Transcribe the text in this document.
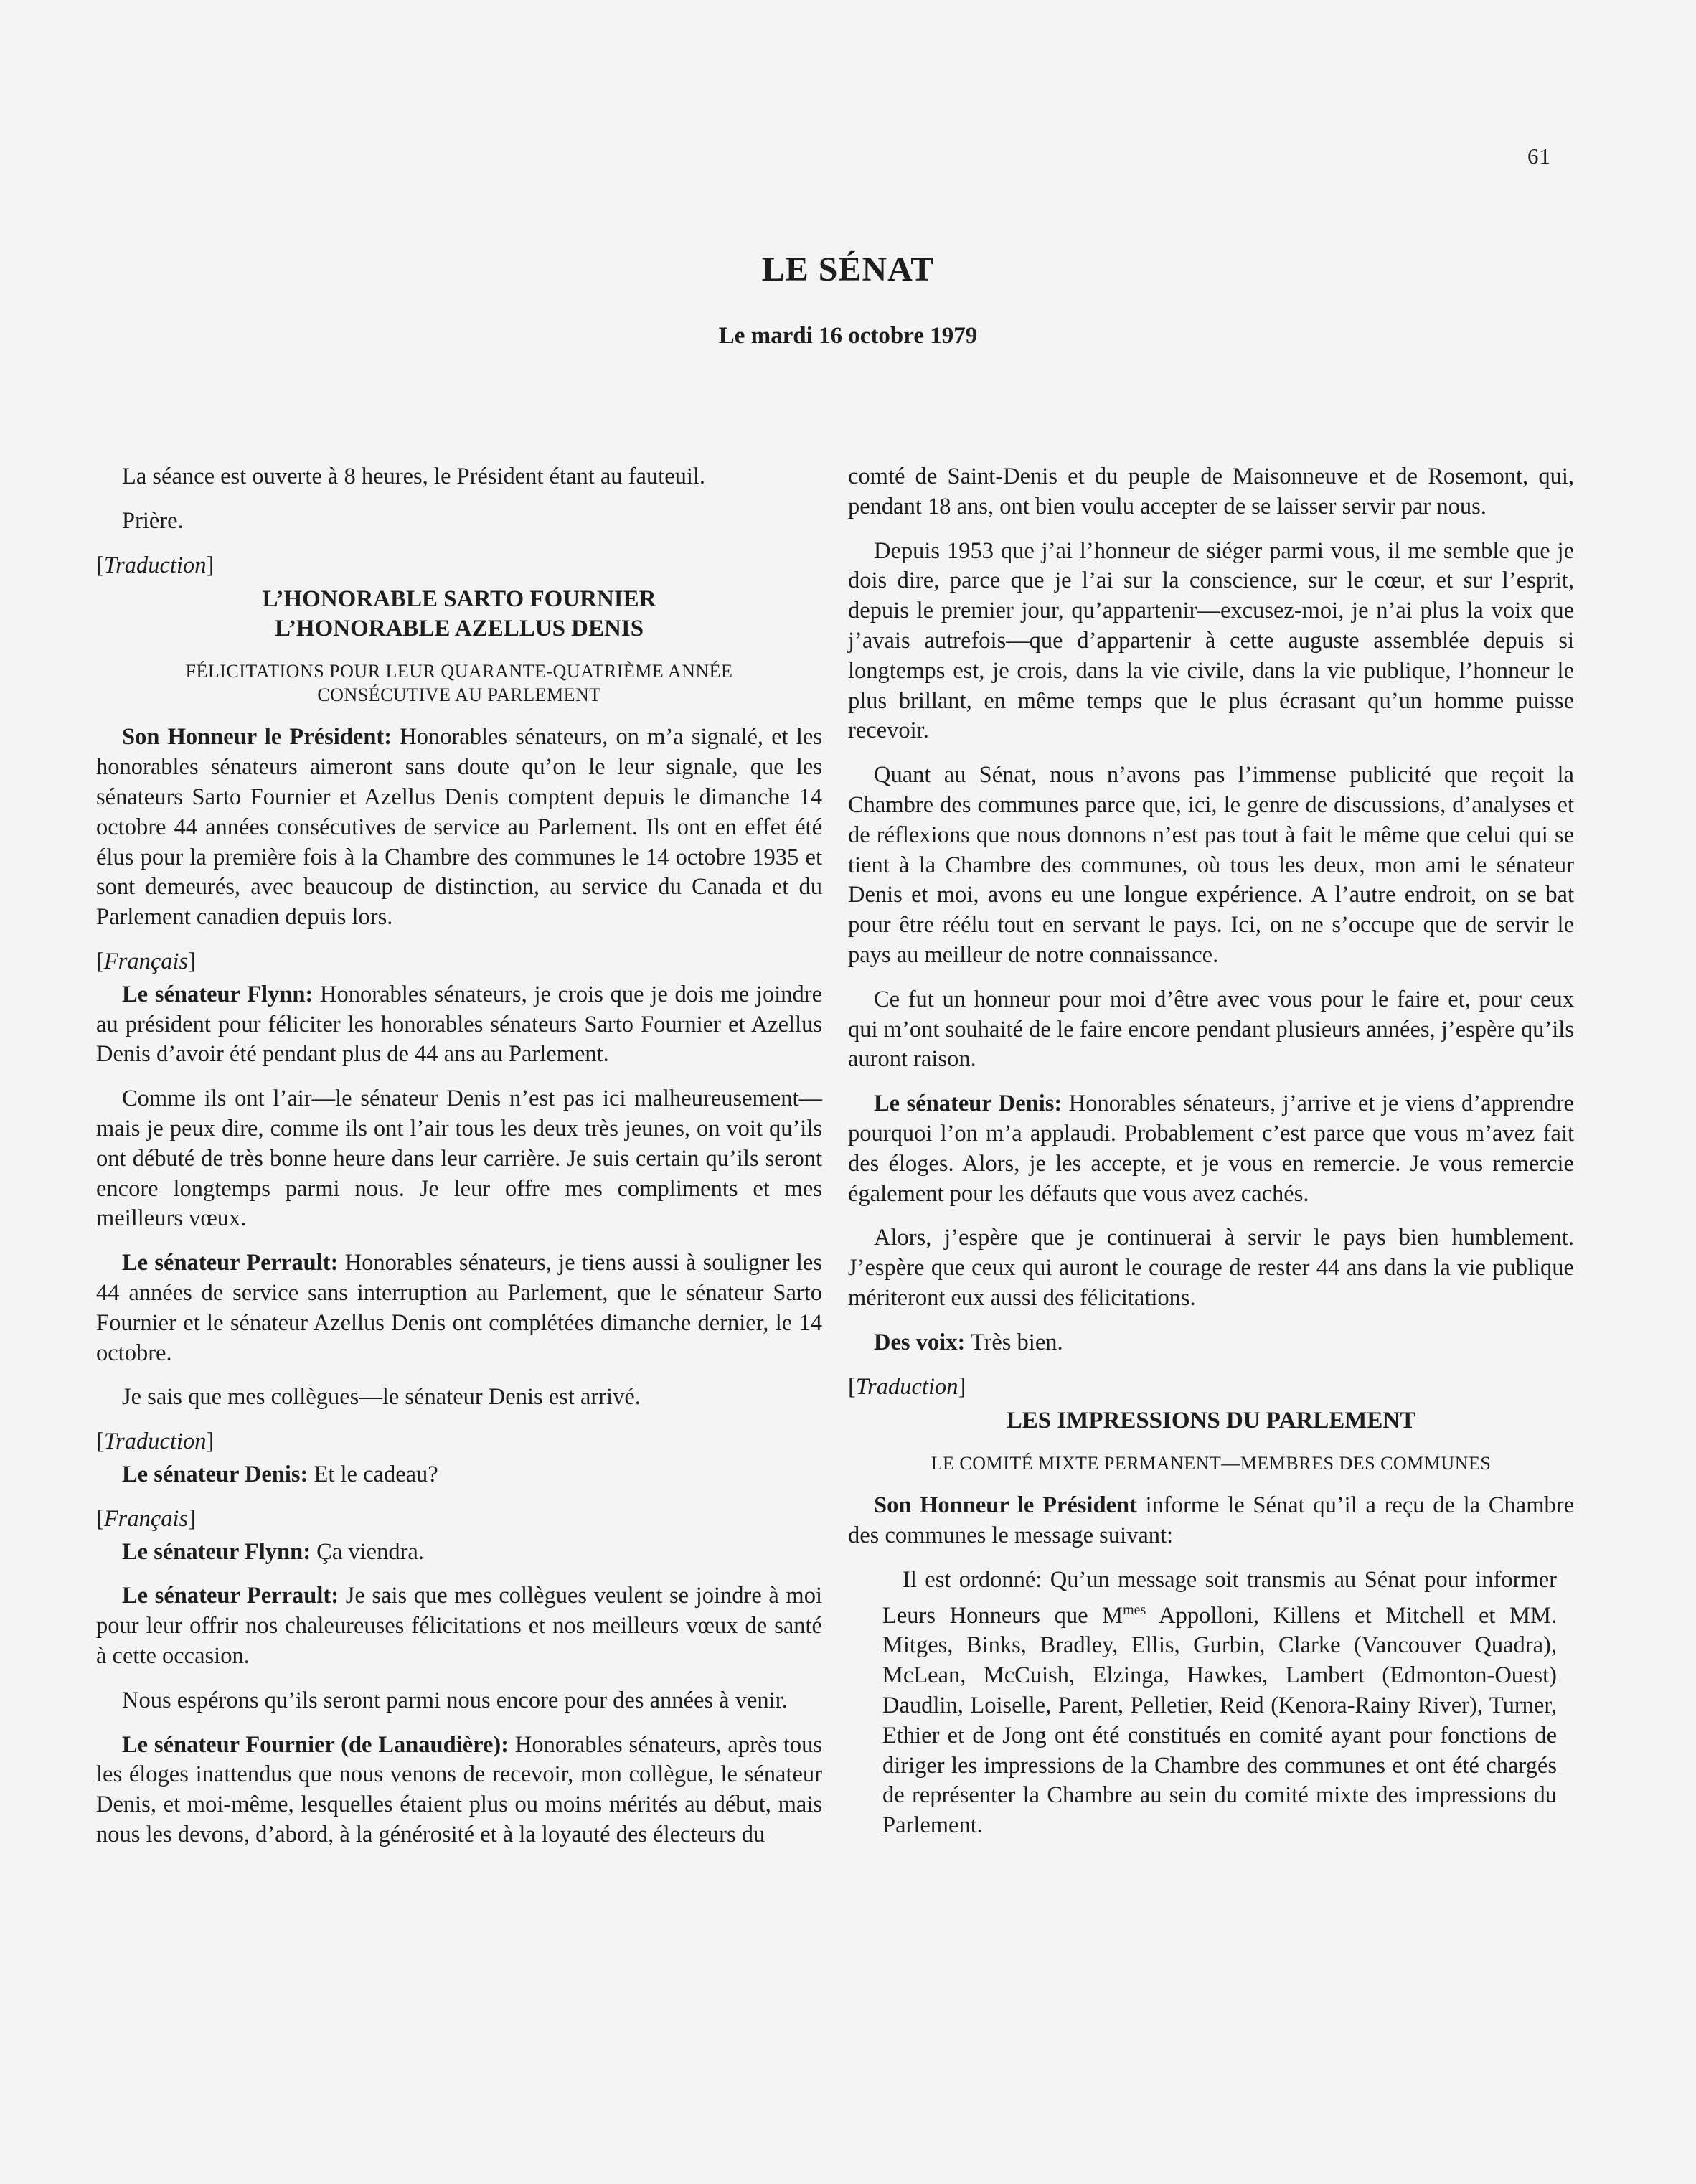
61
LE SÉNAT
Le mardi 16 octobre 1979

La séance est ouverte à 8 heures, le Président étant au fauteuil.

Prière.

[Traduction]

L’HONORABLE SARTO FOURNIER
L’HONORABLE AZELLUS DENIS
FÉLICITATIONS POUR LEUR QUARANTE-QUATRIÈME ANNÉE
CONSÉCUTIVE AU PARLEMENT

Son Honneur le Président: Honorables sénateurs, on m’a signalé, et les honorables sénateurs aimeront sans doute qu’on le leur signale, que les sénateurs Sarto Fournier et Azellus Denis comptent depuis le dimanche 14 octobre 44 années consécutives de service au Parlement. Ils ont en effet été élus pour la première fois à la Chambre des communes le 14 octobre 1935 et sont demeurés, avec beaucoup de distinction, au service du Canada et du Parlement canadien depuis lors.

[Français]

Le sénateur Flynn: Honorables sénateurs, je crois que je dois me joindre au président pour féliciter les honorables sénateurs Sarto Fournier et Azellus Denis d’avoir été pendant plus de 44 ans au Parlement.

Comme ils ont l’air—le sénateur Denis n’est pas ici malheureusement—mais je peux dire, comme ils ont l’air tous les deux très jeunes, on voit qu’ils ont débuté de très bonne heure dans leur carrière. Je suis certain qu’ils seront encore longtemps parmi nous. Je leur offre mes compliments et mes meilleurs vœux.

Le sénateur Perrault: Honorables sénateurs, je tiens aussi à souligner les 44 années de service sans interruption au Parlement, que le sénateur Sarto Fournier et le sénateur Azellus Denis ont complétées dimanche dernier, le 14 octobre.

Je sais que mes collègues—le sénateur Denis est arrivé.

[Traduction]

Le sénateur Denis: Et le cadeau?

[Français]

Le sénateur Flynn: Ça viendra.

Le sénateur Perrault: Je sais que mes collègues veulent se joindre à moi pour leur offrir nos chaleureuses félicitations et nos meilleurs vœux de santé à cette occasion.

Nous espérons qu’ils seront parmi nous encore pour des années à venir.

Le sénateur Fournier (de Lanaudière): Honorables sénateurs, après tous les éloges inattendus que nous venons de recevoir, mon collègue, le sénateur Denis, et moi-même, lesquelles étaient plus ou moins mérités au début, mais nous les devons, d’abord, à la générosité et à la loyauté des électeurs du

comté de Saint-Denis et du peuple de Maisonneuve et de Rosemont, qui, pendant 18 ans, ont bien voulu accepter de se laisser servir par nous.

Depuis 1953 que j’ai l’honneur de siéger parmi vous, il me semble que je dois dire, parce que je l’ai sur la conscience, sur le cœur, et sur l’esprit, depuis le premier jour, qu’appartenir—excusez-moi, je n’ai plus la voix que j’avais autrefois—que d’appartenir à cette auguste assemblée depuis si longtemps est, je crois, dans la vie civile, dans la vie publique, l’honneur le plus brillant, en même temps que le plus écrasant qu’un homme puisse recevoir.

Quant au Sénat, nous n’avons pas l’immense publicité que reçoit la Chambre des communes parce que, ici, le genre de discussions, d’analyses et de réflexions que nous donnons n’est pas tout à fait le même que celui qui se tient à la Chambre des communes, où tous les deux, mon ami le sénateur Denis et moi, avons eu une longue expérience. A l’autre endroit, on se bat pour être réélu tout en servant le pays. Ici, on ne s’occupe que de servir le pays au meilleur de notre connaissance.

Ce fut un honneur pour moi d’être avec vous pour le faire et, pour ceux qui m’ont souhaité de le faire encore pendant plusieurs années, j’espère qu’ils auront raison.

Le sénateur Denis: Honorables sénateurs, j’arrive et je viens d’apprendre pourquoi l’on m’a applaudi. Probablement c’est parce que vous m’avez fait des éloges. Alors, je les accepte, et je vous en remercie. Je vous remercie également pour les défauts que vous avez cachés.

Alors, j’espère que je continuerai à servir le pays bien humblement. J’espère que ceux qui auront le courage de rester 44 ans dans la vie publique mériteront eux aussi des félicitations.

Des voix: Très bien.

[Traduction]

LES IMPRESSIONS DU PARLEMENT
LE COMITÉ MIXTE PERMANENT—MEMBRES DES COMMUNES

Son Honneur le Président informe le Sénat qu’il a reçu de la Chambre des communes le message suivant:

Il est ordonné: Qu’un message soit transmis au Sénat pour informer Leurs Honneurs que $M^{mes}$ Appolloni, Killens et Mitchell et MM. Mitges, Binks, Bradley, Ellis, Gurbin, Clarke (Vancouver Quadra), McLean, McCuish, Elzinga, Hawkes, Lambert (Edmonton-Ouest) Daudlin, Loiselle, Parent, Pelletier, Reid (Kenora-Rainy River), Turner, Ethier et de Jong ont été constitués en comité ayant pour fonctions de diriger les impressions de la Chambre des communes et ont été chargés de représenter la Chambre au sein du comité mixte des impressions du Parlement.
